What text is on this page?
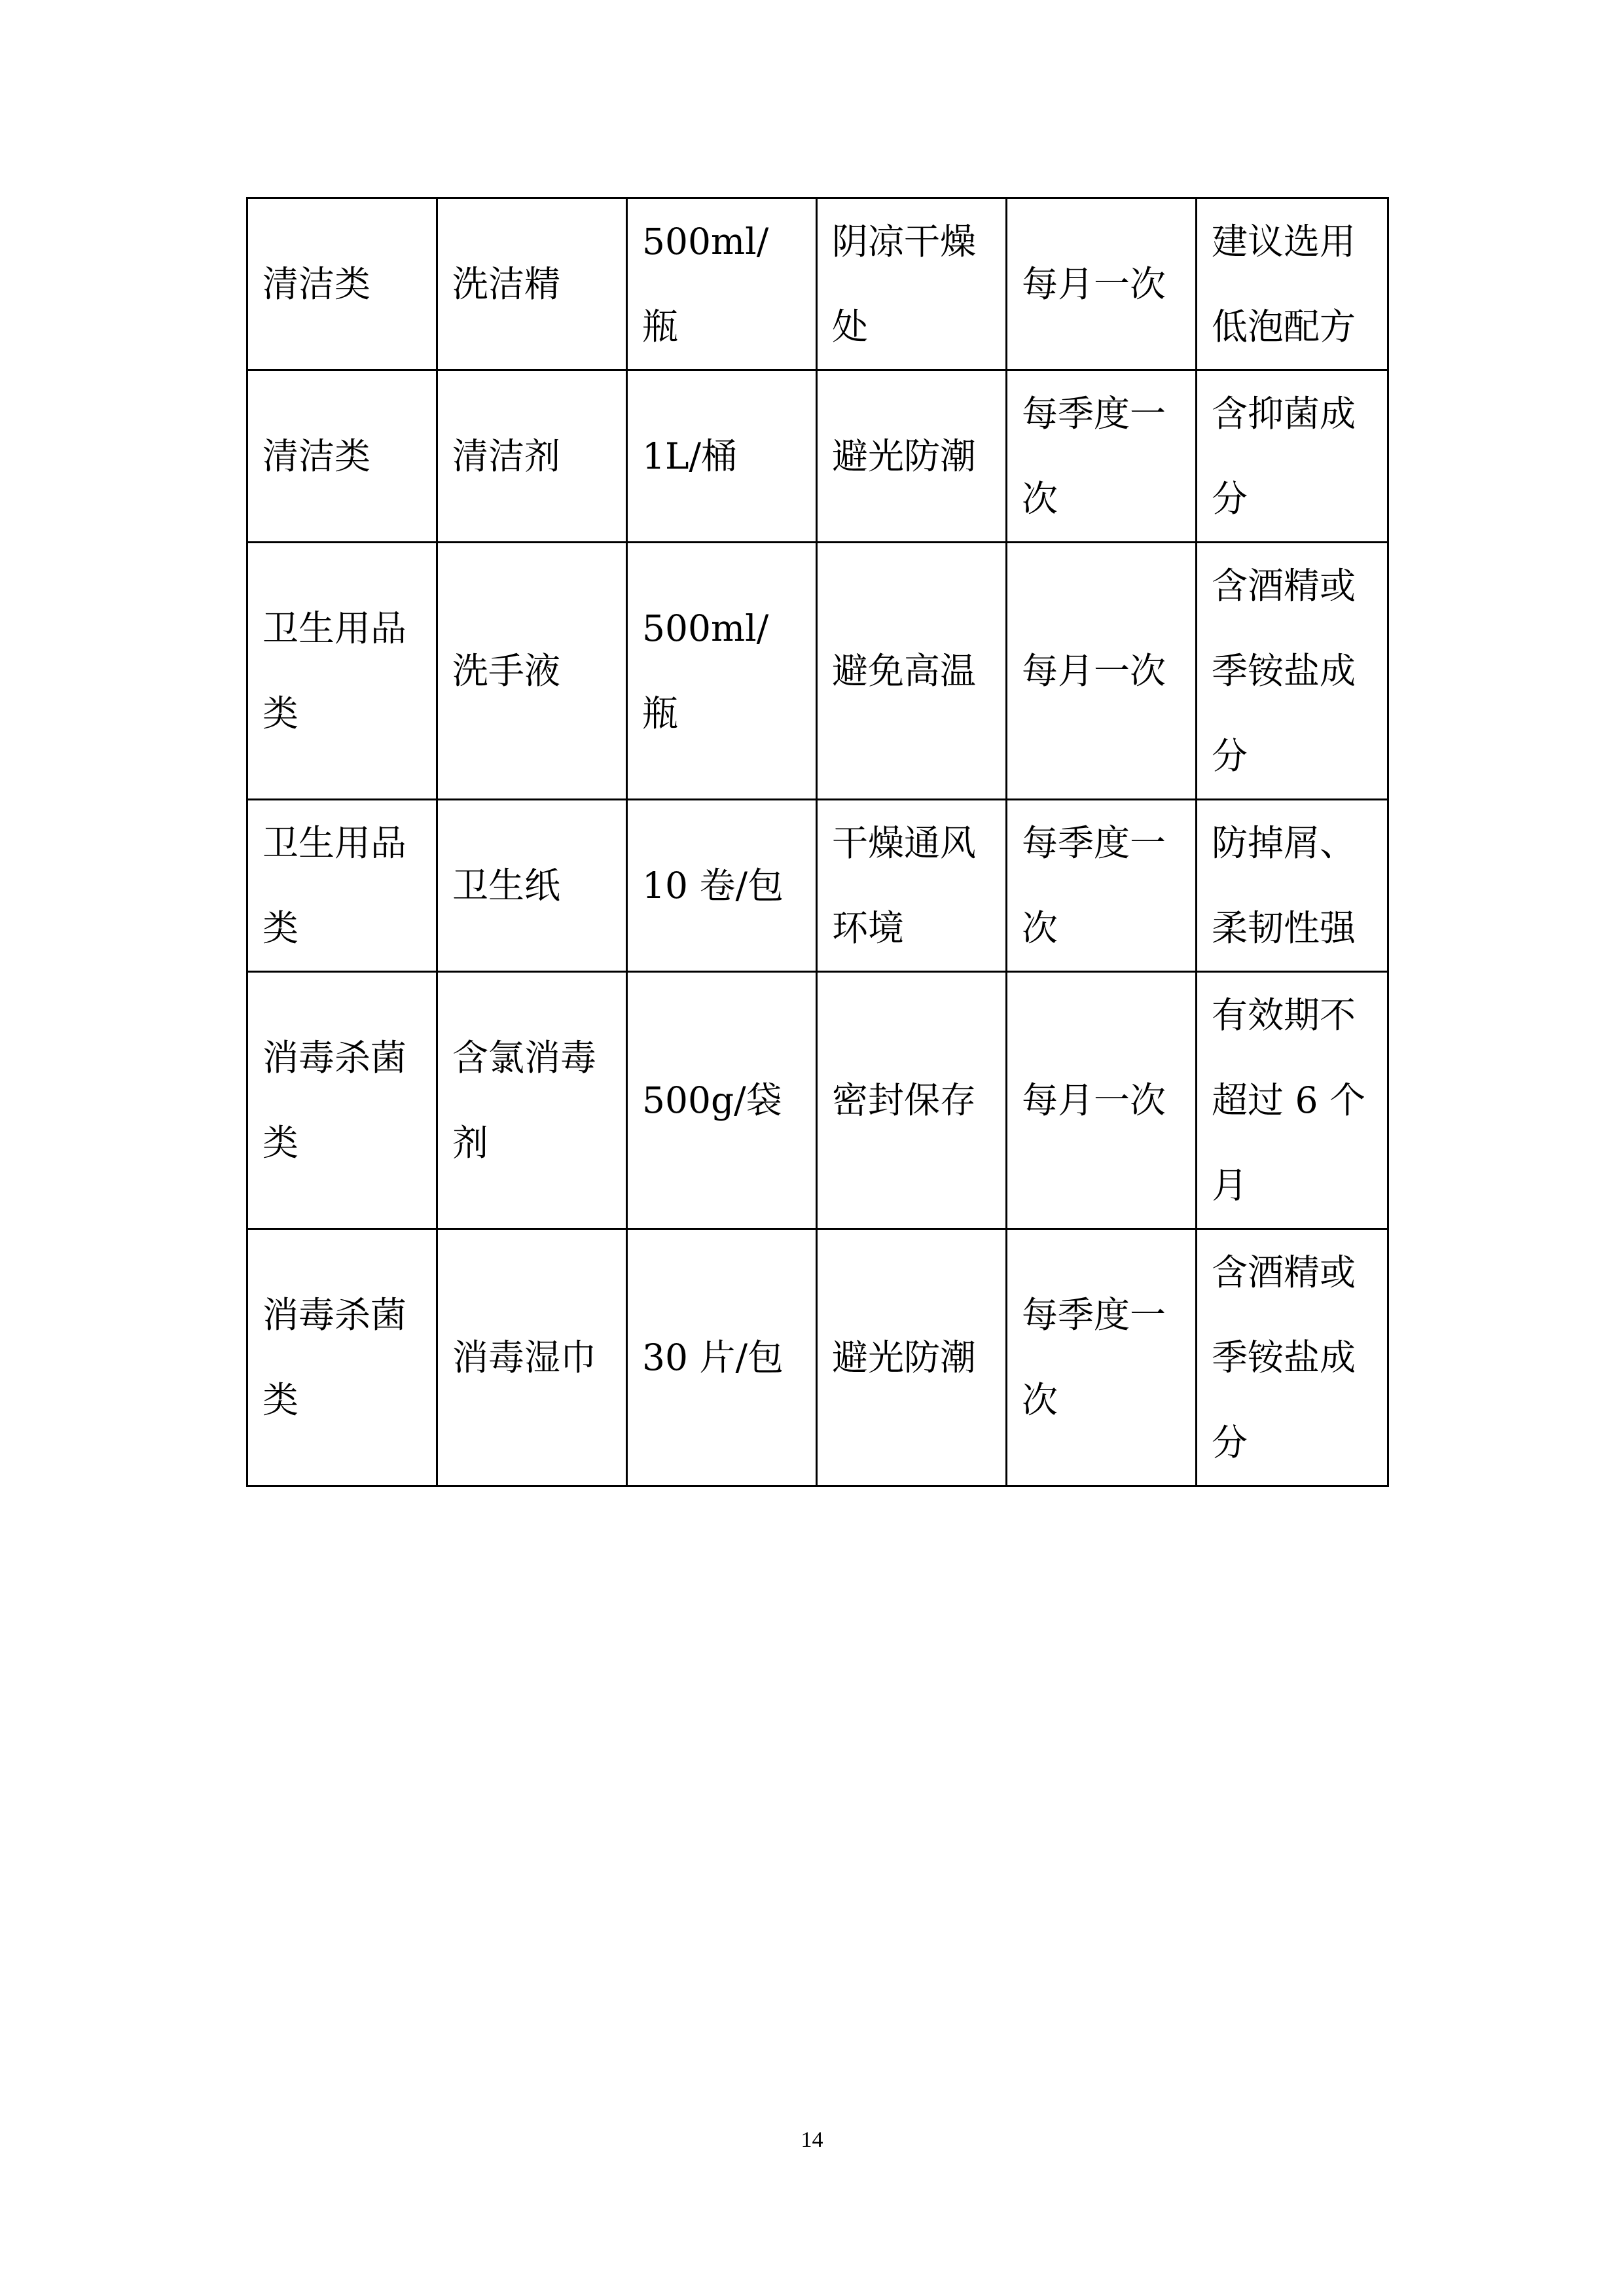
清洁类	洗洁精	500ml/瓶	阴凉干燥处	每月一次	建议选用低泡配方

清洁类	清洁剂	1L/桶	避光防潮	每季度一次	含抑菌成分

卫生用品类	洗手液	500ml/瓶	避免高温	每月一次	含酒精或季铵盐成分

卫生用品类	卫生纸	10 卷/包	干燥通风环境	每季度一次	防掉屑、柔韧性强

消毒杀菌类	含氯消毒剂	500g/袋	密封保存	每月一次	有效期不超过 6 个月

消毒杀菌类	消毒湿巾	30 片/包	避光防潮	每季度一次	含酒精或季铵盐成分
14
